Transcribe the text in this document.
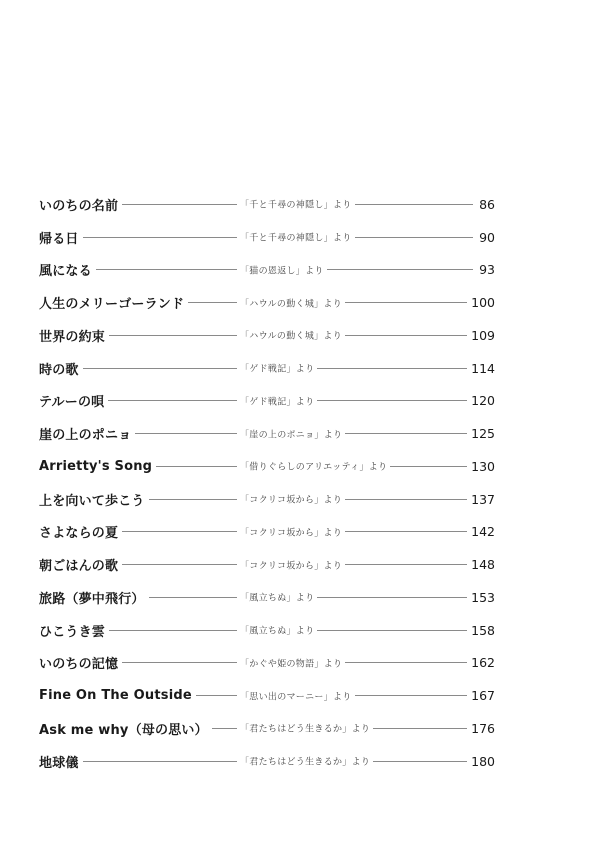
いのちの名前	「千と千尋の神隠し」より	86
帰る日	「千と千尋の神隠し」より	90
風になる	「猫の恩返し」より	93
人生のメリーゴーランド	「ハウルの動く城」より	100
世界の約束	「ハウルの動く城」より	109
時の歌	「ゲド戦記」より	114
テルーの唄	「ゲド戦記」より	120
崖の上のポニョ	「崖の上のポニョ」より	125
Arrietty's Song	「借りぐらしのアリエッティ」より	130
上を向いて歩こう	「コクリコ坂から」より	137
さよならの夏	「コクリコ坂から」より	142
朝ごはんの歌	「コクリコ坂から」より	148
旅路（夢中飛行）	「風立ちぬ」より	153
ひこうき雲	「風立ちぬ」より	158
いのちの記憶	「かぐや姫の物語」より	162
Fine On The Outside	「思い出のマーニー」より	167
Ask me why（母の思い）	「君たちはどう生きるか」より	176
地球儀	「君たちはどう生きるか」より	180
